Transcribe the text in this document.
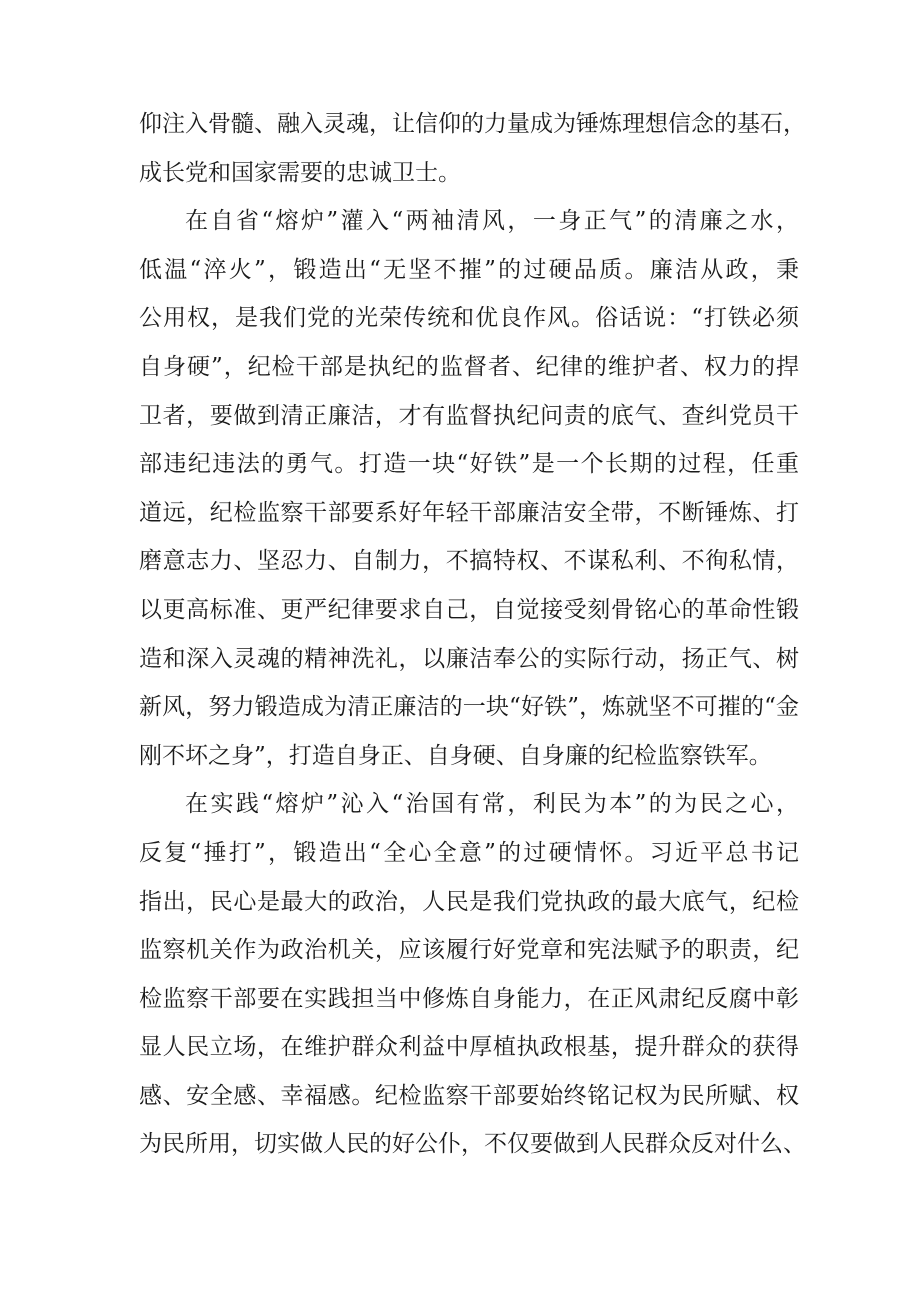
仰注入骨髓、融入灵魂，让信仰的力量成为锤炼理想信念的基石，
成长党和国家需要的忠诚卫士。
在自省“熔炉”灌入“两袖清风，一身正气”的清廉之水，
低温“淬火”，锻造出“无坚不摧”的过硬品质。廉洁从政，秉
公用权，是我们党的光荣传统和优良作风。俗话说：“打铁必须
自身硬”，纪检干部是执纪的监督者、纪律的维护者、权力的捍
卫者，要做到清正廉洁，才有监督执纪问责的底气、查纠党员干
部违纪违法的勇气。打造一块“好铁”是一个长期的过程，任重
道远，纪检监察干部要系好年轻干部廉洁安全带，不断锤炼、打
磨意志力、坚忍力、自制力，不搞特权、不谋私利、不徇私情，
以更高标准、更严纪律要求自己，自觉接受刻骨铭心的革命性锻
造和深入灵魂的精神洗礼，以廉洁奉公的实际行动，扬正气、树
新风，努力锻造成为清正廉洁的一块“好铁”，炼就坚不可摧的“金
刚不坏之身”，打造自身正、自身硬、自身廉的纪检监察铁军。
在实践“熔炉”沁入“治国有常，利民为本”的为民之心，
反复“捶打”，锻造出“全心全意”的过硬情怀。习近平总书记
指出，民心是最大的政治，人民是我们党执政的最大底气，纪检
监察机关作为政治机关，应该履行好党章和宪法赋予的职责，纪
检监察干部要在实践担当中修炼自身能力，在正风肃纪反腐中彰
显人民立场，在维护群众利益中厚植执政根基，提升群众的获得
感、安全感、幸福感。纪检监察干部要始终铭记权为民所赋、权
为民所用，切实做人民的好公仆，不仅要做到人民群众反对什么、
